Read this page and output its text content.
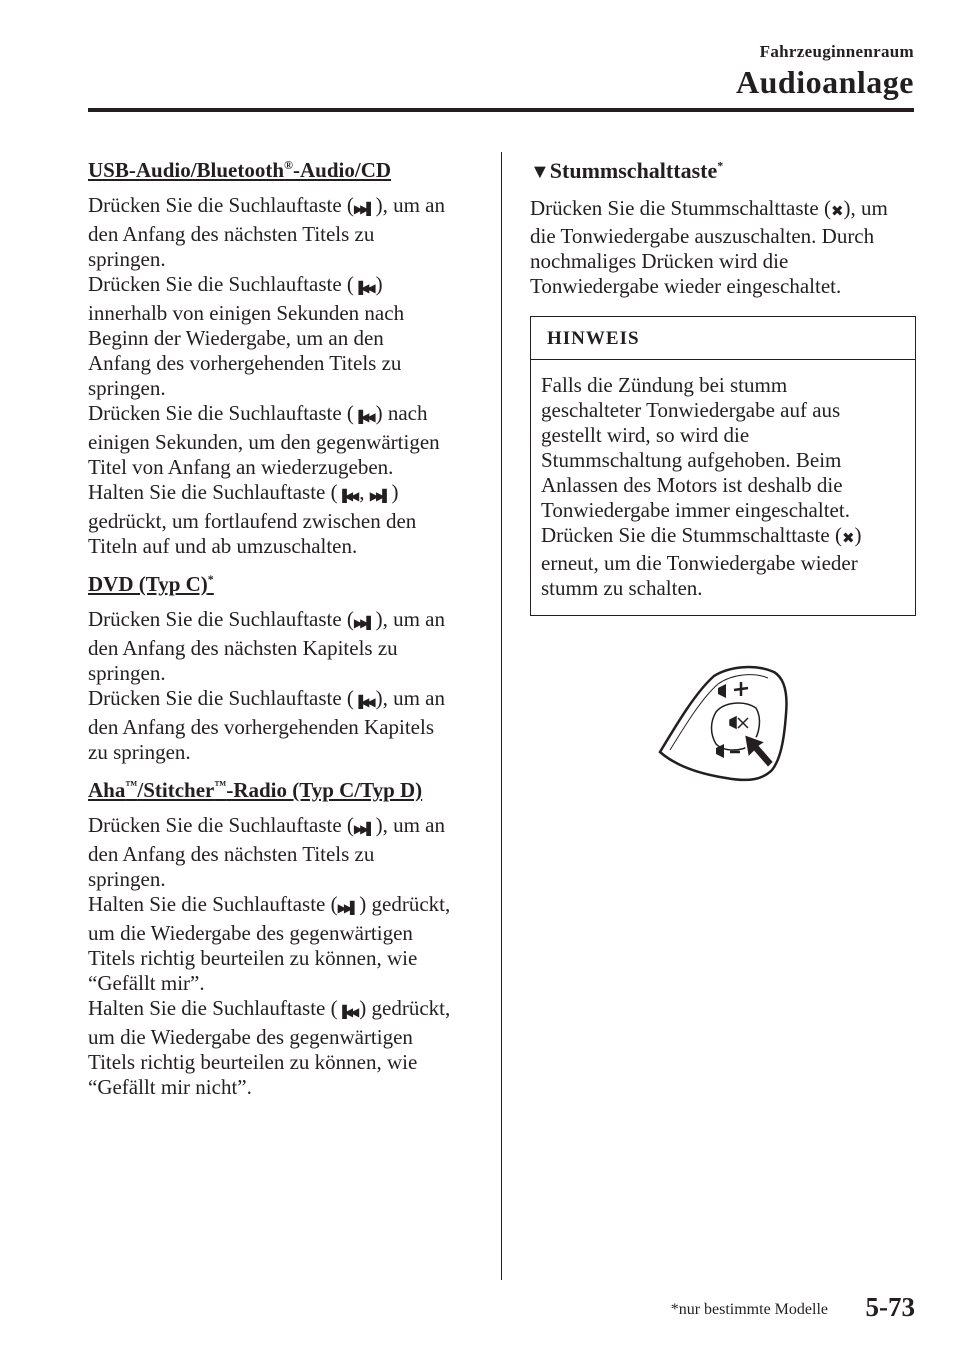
Fahrzeuginnenraum
Audioanlage
USB-Audio/Bluetooth®-Audio/CD

Drücken Sie die Suchlauftaste (▶▶▌ ), um an
den Anfang des nächsten Titels zu
springen.
Drücken Sie die Suchlauftaste (▐◀◀ )
innerhalb von einigen Sekunden nach
Beginn der Wiedergabe, um an den
Anfang des vorhergehenden Titels zu
springen.
Drücken Sie die Suchlauftaste (▐◀◀ ) nach
einigen Sekunden, um den gegenwärtigen
Titel von Anfang an wiederzugeben.
Halten Sie die Suchlauftaste (▐◀◀ , ▶▶▌ )
gedrückt, um fortlaufend zwischen den
Titeln auf und ab umzuschalten.

DVD (Typ C)*

Drücken Sie die Suchlauftaste (▶▶▌ ), um an
den Anfang des nächsten Kapitels zu
springen.
Drücken Sie die Suchlauftaste (▐◀◀ ), um an
den Anfang des vorhergehenden Kapitels
zu springen.

Aha™/Stitcher™-Radio (Typ C/Typ D)

Drücken Sie die Suchlauftaste (▶▶▌ ), um an
den Anfang des nächsten Titels zu
springen.
Halten Sie die Suchlauftaste (▶▶▌ ) gedrückt,
um die Wiedergabe des gegenwärtigen
Titels richtig beurteilen zu können, wie
“Gefällt mir”.
Halten Sie die Suchlauftaste (▐◀◀ ) gedrückt,
um die Wiedergabe des gegenwärtigen
Titels richtig beurteilen zu können, wie
“Gefällt mir nicht”.

▼Stummschalttaste*

Drücken Sie die Stummschalttaste (✖), um
die Tonwiedergabe auszuschalten. Durch
nochmaliges Drücken wird die
Tonwiedergabe wieder eingeschaltet.

HINWEIS
Falls die Zündung bei stumm
geschalteter Tonwiedergabe auf aus
gestellt wird, so wird die
Stummschaltung aufgehoben. Beim
Anlassen des Motors ist deshalb die
Tonwiedergabe immer eingeschaltet.
Drücken Sie die Stummschalttaste (✖)
erneut, um die Tonwiedergabe wieder
stumm zu schalten.
*nur bestimmte Modelle 5-73
